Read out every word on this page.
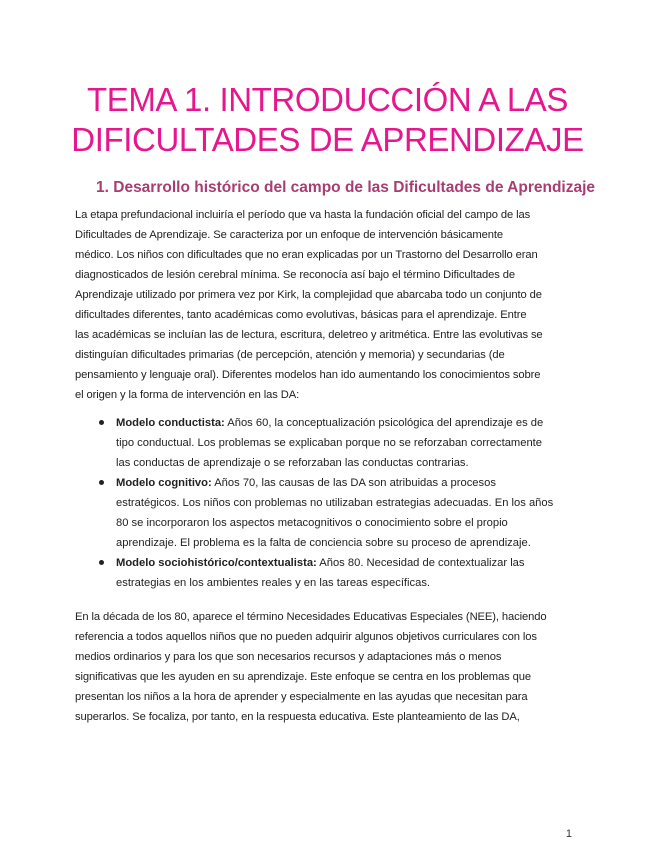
TEMA 1. INTRODUCCIÓN A LAS
DIFICULTADES DE APRENDIZAJE
1. Desarrollo histórico del campo de las Dificultades de Aprendizaje

La etapa prefundacional incluiría el período que va hasta la fundación oficial del campo de las
Dificultades de Aprendizaje. Se caracteriza por un enfoque de intervención básicamente
médico. Los niños con dificultades que no eran explicadas por un Trastorno del Desarrollo eran
diagnosticados de lesión cerebral mínima. Se reconocía así bajo el término Dificultades de
Aprendizaje utilizado por primera vez por Kirk, la complejidad que abarcaba todo un conjunto de
dificultades diferentes, tanto académicas como evolutivas, básicas para el aprendizaje. Entre
las académicas se incluían las de lectura, escritura, deletreo y aritmética. Entre las evolutivas se
distinguían dificultades primarias (de percepción, atención y memoria) y secundarias (de
pensamiento y lenguaje oral). Diferentes modelos han ido aumentando los conocimientos sobre
el origen y la forma de intervención en las DA:

Modelo conductista: Años 60, la conceptualización psicológica del aprendizaje es de
tipo conductual. Los problemas se explicaban porque no se reforzaban correctamente
las conductas de aprendizaje o se reforzaban las conductas contrarias.
Modelo cognitivo: Años 70, las causas de las DA son atribuidas a procesos
estratégicos. Los niños con problemas no utilizaban estrategias adecuadas. En los años
80 se incorporaron los aspectos metacognitivos o conocimiento sobre el propio
aprendizaje. El problema es la falta de conciencia sobre su proceso de aprendizaje.
Modelo sociohistórico/contextualista: Años 80. Necesidad de contextualizar las
estrategias en los ambientes reales y en las tareas específicas.

En la década de los 80, aparece el término Necesidades Educativas Especiales (NEE), haciendo
referencia a todos aquellos niños que no pueden adquirir algunos objetivos curriculares con los
medios ordinarios y para los que son necesarios recursos y adaptaciones más o menos
significativas que les ayuden en su aprendizaje. Este enfoque se centra en los problemas que
presentan los niños a la hora de aprender y especialmente en las ayudas que necesitan para
superarlos. Se focaliza, por tanto, en la respuesta educativa. Este planteamiento de las DA,

1
